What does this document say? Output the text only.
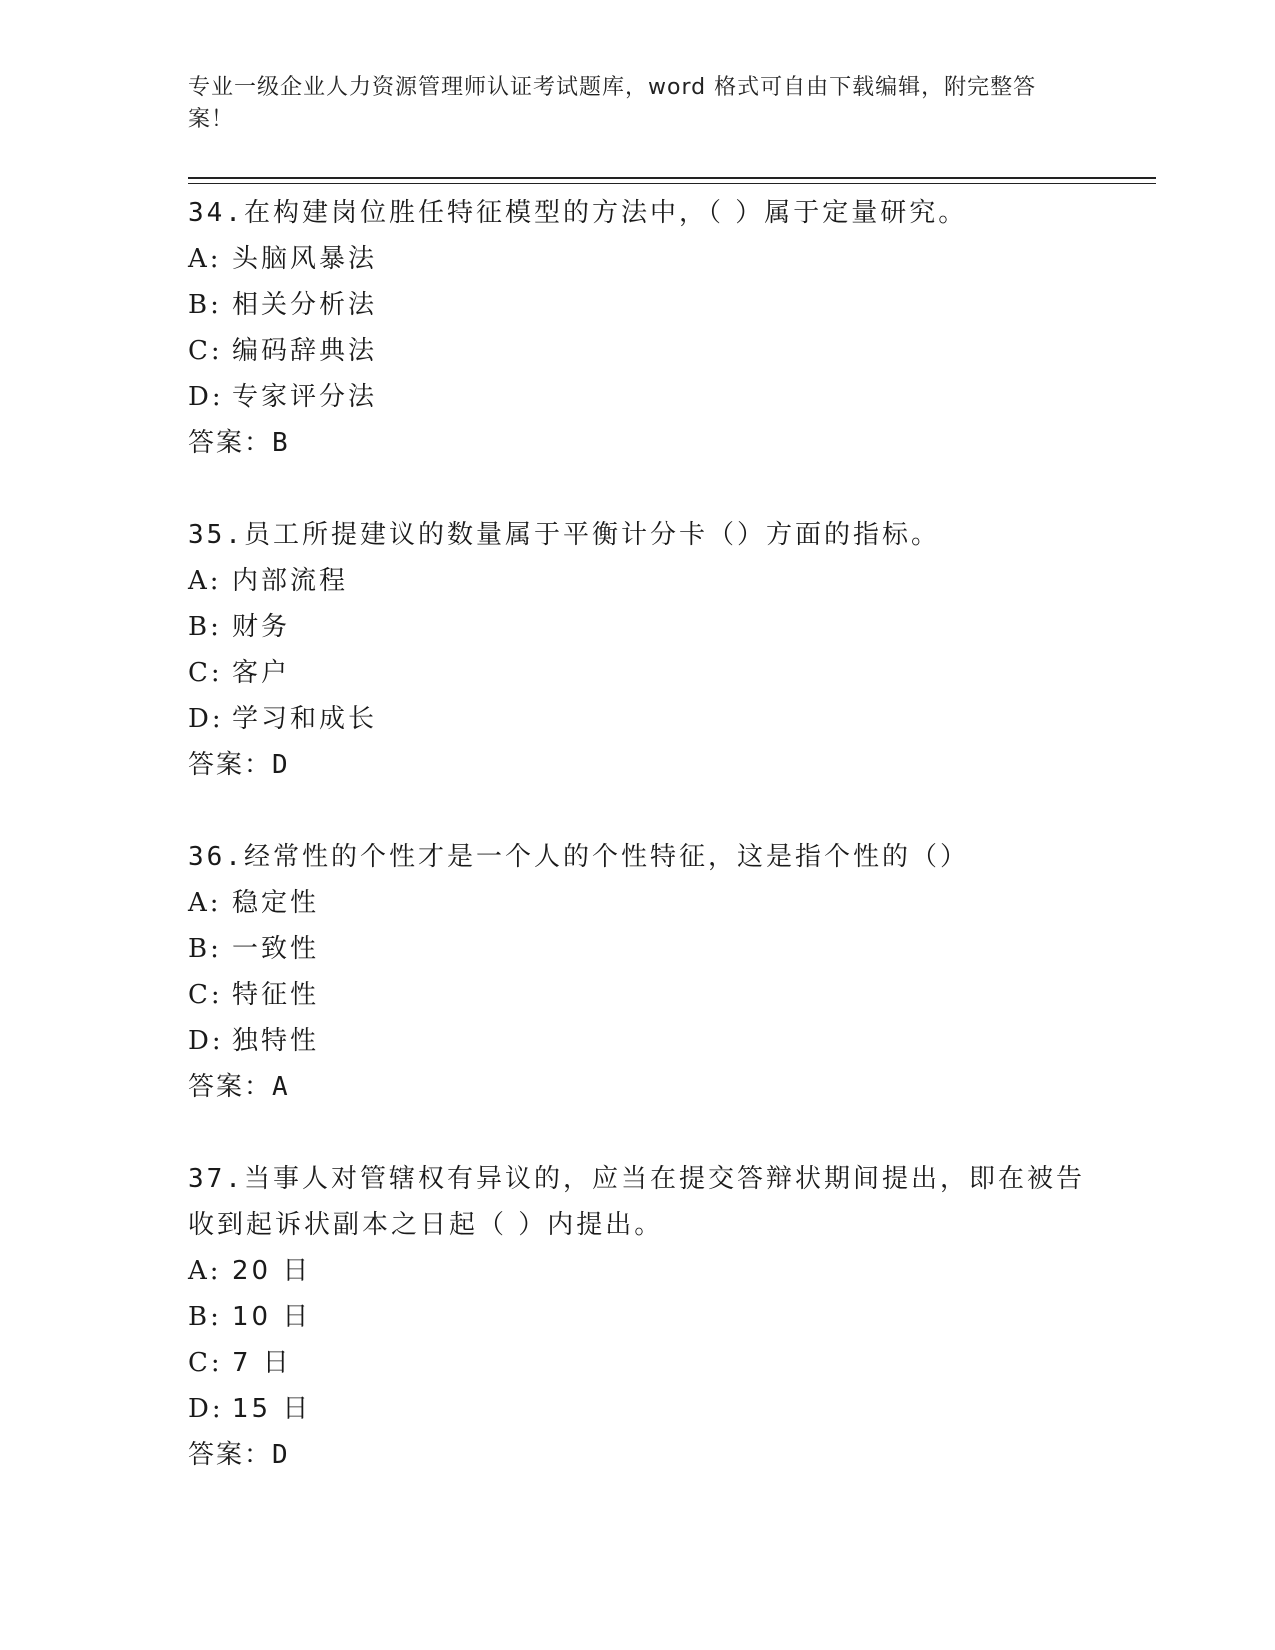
专业一级企业人力资源管理师认证考试题库，word 格式可自由下载编辑，附完整答案！
34.在构建岗位胜任特征模型的方法中，（ ）属于定量研究。
A: 头脑风暴法
B: 相关分析法
C: 编码辞典法
D: 专家评分法
答案：B
35.员工所提建议的数量属于平衡计分卡（）方面的指标。
A: 内部流程
B: 财务
C: 客户
D: 学习和成长
答案：D
36.经常性的个性才是一个人的个性特征，这是指个性的（）
A: 稳定性
B: 一致性
C: 特征性
D: 独特性
答案：A
37.当事人对管辖权有异议的，应当在提交答辩状期间提出，即在被告收到起诉状副本之日起（ ）内提出。
A: 20 日
B: 10 日
C: 7 日
D: 15 日
答案：D
